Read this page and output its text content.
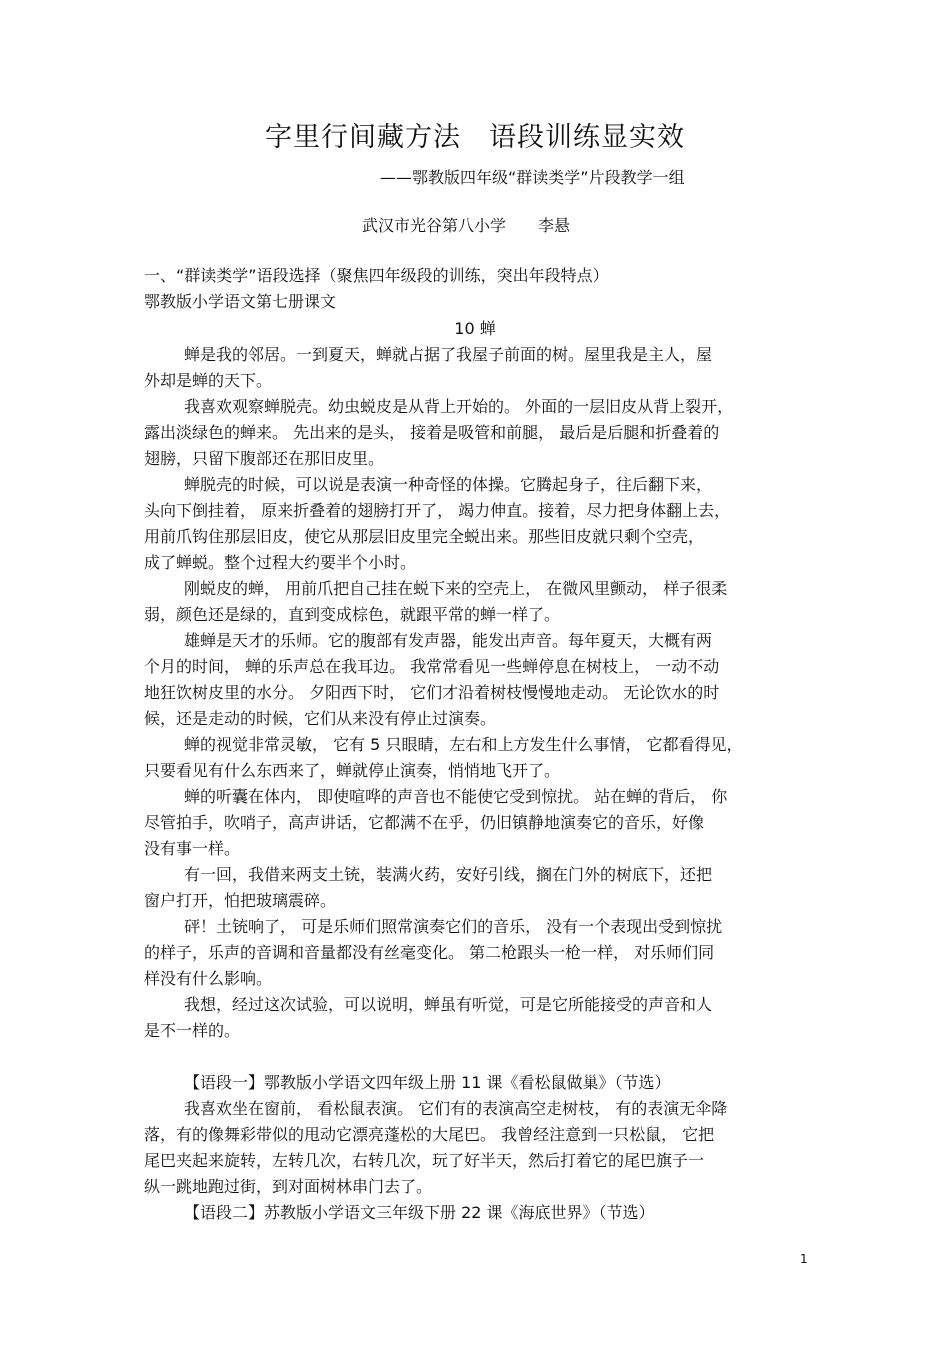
字里行间藏方法　语段训练显实效
——鄂教版四年级“群读类学”片段教学一组
武汉市光谷第八小学 李悬
一、“群读类学”语段选择（聚焦四年级段的训练，突出年段特点）
鄂教版小学语文第七册课文
10 蝉
蝉是我的邻居。一到夏天，蝉就占据了我屋子前面的树。屋里我是主人，屋
外却是蝉的天下。
我喜欢观察蝉脱壳。幼虫蜕皮是从背上开始的。 外面的一层旧皮从背上裂开，
露出淡绿色的蝉来。 先出来的是头， 接着是吸管和前腿， 最后是后腿和折叠着的
翅膀，只留下腹部还在那旧皮里。
蝉脱壳的时候，可以说是表演一种奇怪的体操。它腾起身子，往后翻下来，
头向下倒挂着， 原来折叠着的翅膀打开了， 竭力伸直。接着，尽力把身体翻上去，
用前爪钩住那层旧皮，使它从那层旧皮里完全蜕出来。那些旧皮就只剩个空壳，
成了蝉蜕。整个过程大约要半个小时。
刚蜕皮的蝉， 用前爪把自己挂在蜕下来的空壳上， 在微风里颤动， 样子很柔
弱，颜色还是绿的，直到变成棕色，就跟平常的蝉一样了。
雄蝉是天才的乐师。它的腹部有发声器，能发出声音。每年夏天，大概有两
个月的时间， 蝉的乐声总在我耳边。 我常常看见一些蝉停息在树枝上， 一动不动
地狂饮树皮里的水分。 夕阳西下时， 它们才沿着树枝慢慢地走动。 无论饮水的时
候，还是走动的时候，它们从来没有停止过演奏。
蝉的视觉非常灵敏， 它有 5 只眼睛，左右和上方发生什么事情， 它都看得见，
只要看见有什么东西来了，蝉就停止演奏，悄悄地飞开了。
蝉的听囊在体内， 即使喧哗的声音也不能使它受到惊扰。 站在蝉的背后， 你
尽管拍手，吹哨子，高声讲话，它都满不在乎，仍旧镇静地演奏它的音乐，好像
没有事一样。
有一回，我借来两支土铳，装满火药，安好引线，搁在门外的树底下，还把
窗户打开，怕把玻璃震碎。
砰！土铳响了， 可是乐师们照常演奏它们的音乐， 没有一个表现出受到惊扰
的样子，乐声的音调和音量都没有丝毫变化。 第二枪跟头一枪一样， 对乐师们同
样没有什么影响。
我想，经过这次试验，可以说明，蝉虽有听觉，可是它所能接受的声音和人
是不一样的。
【语段一】鄂教版小学语文四年级上册 11 课《看松鼠做巢》（节选）
我喜欢坐在窗前， 看松鼠表演。 它们有的表演高空走树枝， 有的表演无伞降
落，有的像舞彩带似的甩动它漂亮蓬松的大尾巴。 我曾经注意到一只松鼠， 它把
尾巴夹起来旋转，左转几次，右转几次，玩了好半天，然后打着它的尾巴旗子一
纵一跳地跑过街，到对面树林串门去了。
【语段二】苏教版小学语文三年级下册 22 课《海底世界》（节选）
1
